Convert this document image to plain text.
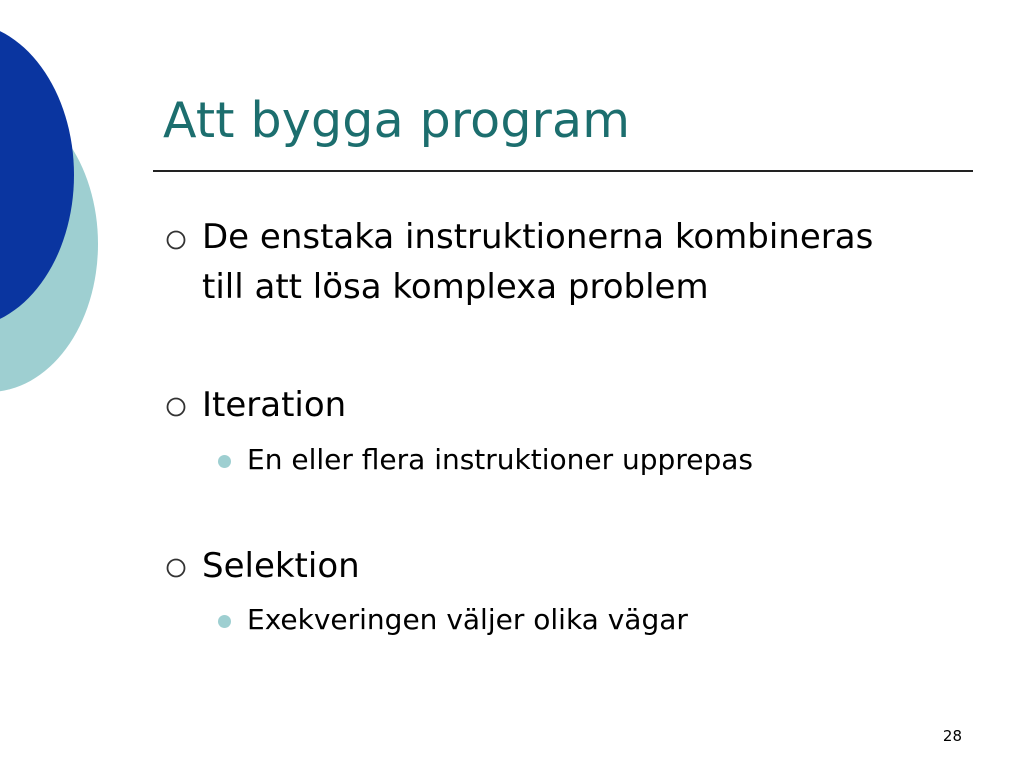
Att bygga program
De enstaka instruktionerna kombineras
till att lösa komplexa problem
Iteration
En eller flera instruktioner upprepas
Selektion
Exekveringen väljer olika vägar
28
